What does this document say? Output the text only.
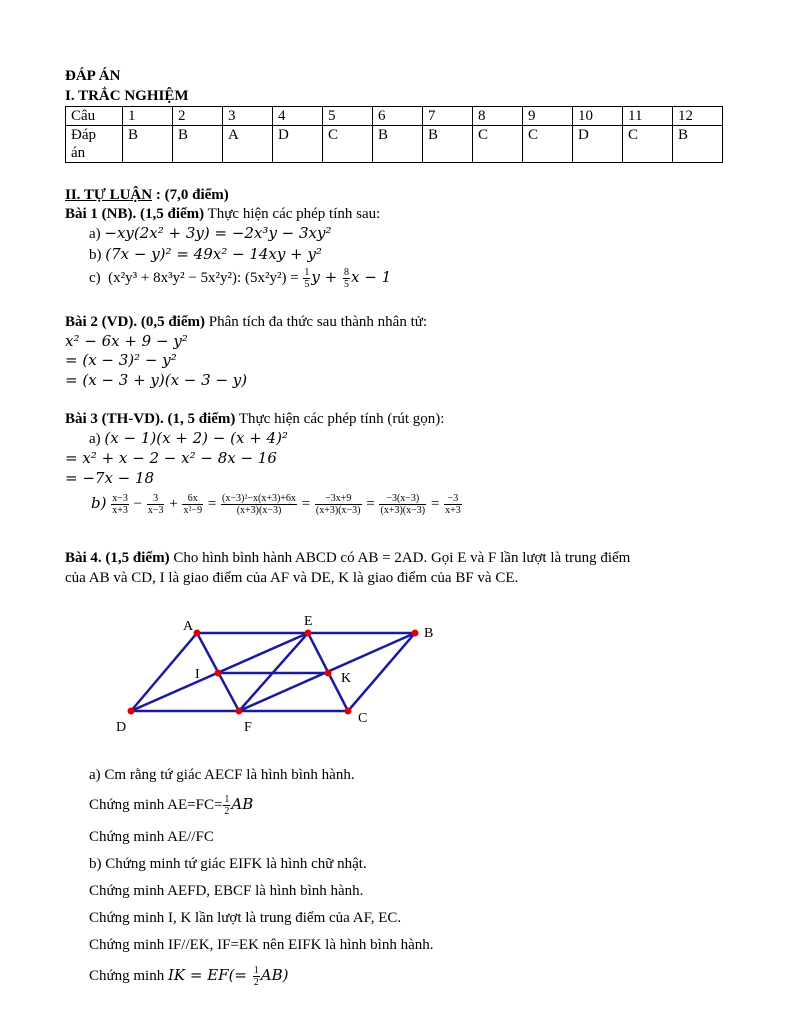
ĐÁP ÁN
I. TRẮC NGHIỆM
Câu	1	2	3	4	5	6	7	8	9	10	11	12
Đáp
án	B	B	A	D	C	B	B	C	C	D	C	B
II. TỰ LUẬN : (7,0 điểm)
Bài 1 (NB). (1,5 điểm) Thực hiện các phép tính sau:
a) −xy(2x² + 3y) = −2x³y − 3xy²
b) (7x − y)² = 49x² − 14xy + y²
c) (x²y³ + 8x³y² − 5x²y²): $(5x^2y^2) = \frac{1}{5}$ $y + \frac{8}{5}$ x − 1
Bài 2 (VD). (0,5 điểm) Phân tích đa thức sau thành nhân tử:
x² − 6x + 9 − y²
= (x − 3)² − y²
= (x − 3 + y)(x − 3 − y)
Bài 3 (TH-VD). (1, 5 điểm) Thực hiện các phép tính (rút gọn):
a) (x − 1)(x + 2) − (x + 4)²
= x² + x − 2 − x² − 8x − 16
= −7x − 18
$b) \frac{x-3}{x+3} - \frac{3}{x-3} + \frac{6x}{\text{x²−9}} = \frac{\text{(x−3)²−x(x+3)+6x}}{(x+3)(x-3)} = \frac{-3x+9}{(x+3)(x-3)} = \frac{-3(x-3)}{(x+3)(x-3)} = \frac{-3}{x+3}$
Bài 4. (1,5 điểm) Cho hình bình hành ABCD có AB = 2AD. Gọi E và F lần lượt là trung điểm
của AB và CD, I là giao điểm của AF và DE, K là giao điểm của BF và CE.
A	E
B
D	F
C
I	K
a) Cm rằng tứ giác AECF là hình bình hành.
Chứng minh $AE=FC= \frac{1}{2}$ AB
Chứng minh AE//FC
b) Chứng minh tứ giác EIFK là hình chữ nhật.
Chứng minh AEFD, EBCF là hình bình hành.
Chứng minh I, K lần lượt là trung điểm của AF, EC.
Chứng minh IF//EK, IF=EK nên EIFK là hình bình hành.
Chứng minh IK = $EF(= \frac{1}{2} AB)$
